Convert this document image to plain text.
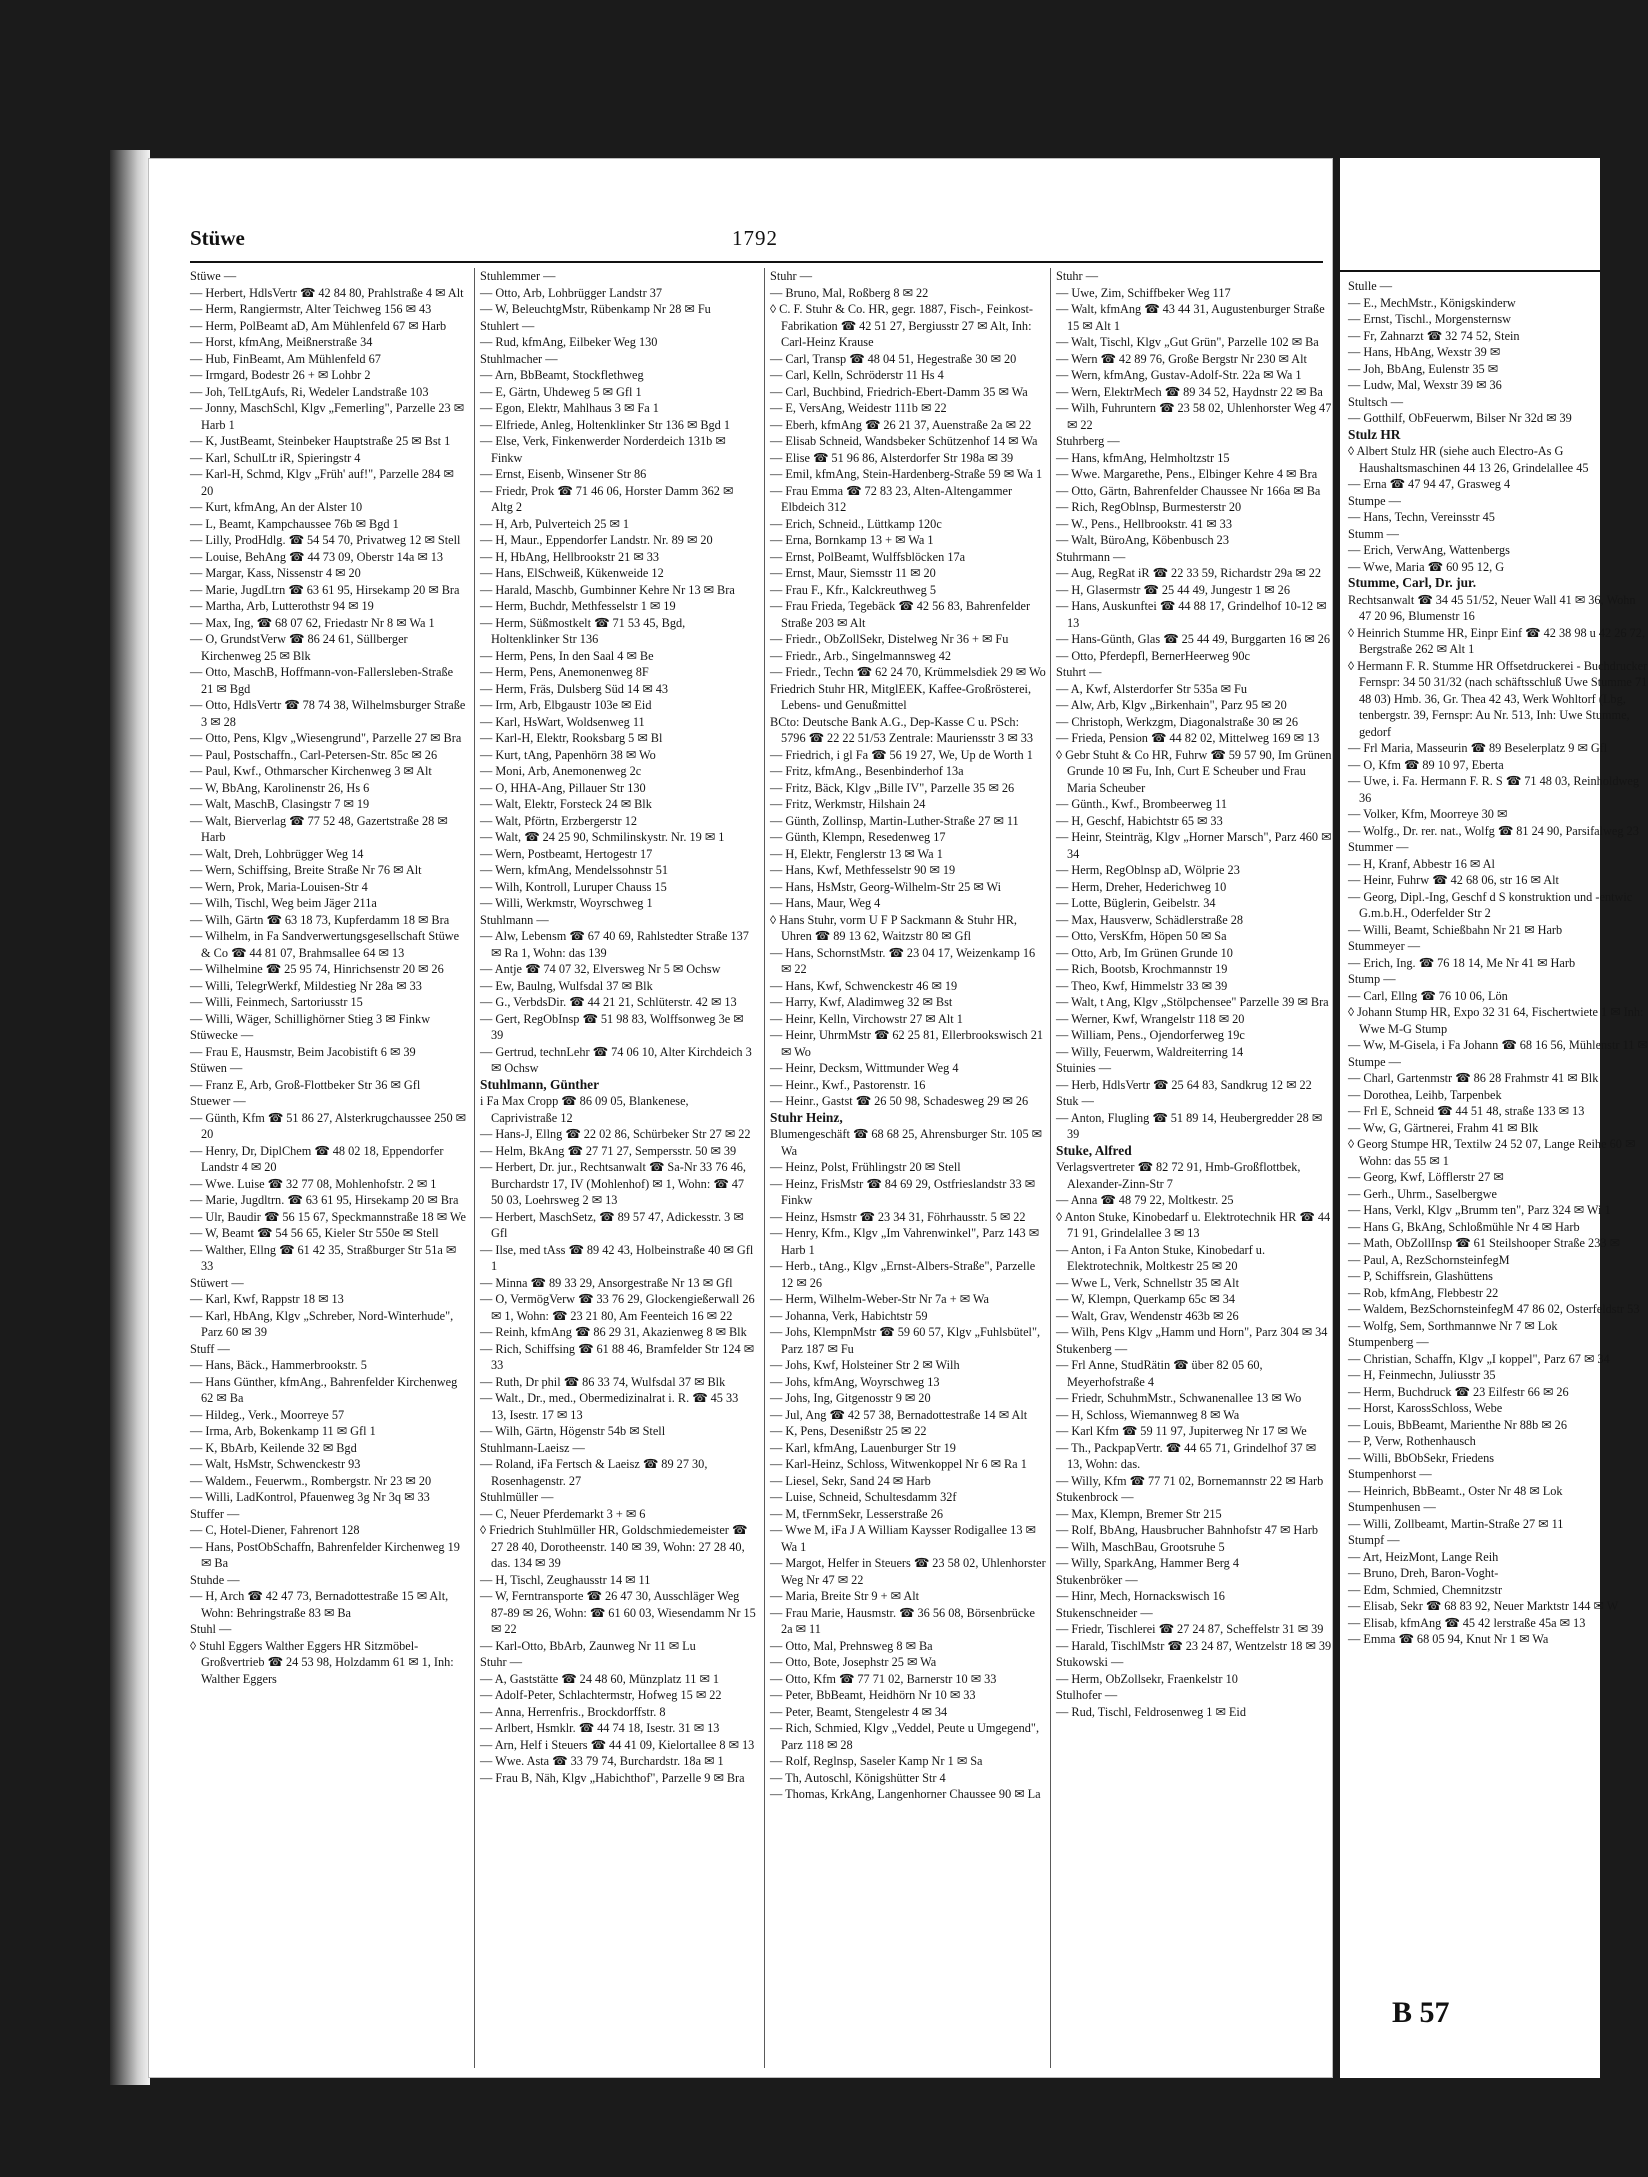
Stüwe	1792
Stüwe —
— Herbert, HdlsVertr ☎ 42 84 80, Prahlstraße 4 ✉ Alt
— Herm, Rangiermstr, Alter Teichweg 156 ✉ 43
— Herm, PolBeamt aD, Am Mühlenfeld 67 ✉ Harb
— Horst, kfmAng, Meißnerstraße 34
— Hub, FinBeamt, Am Mühlenfeld 67
— Irmgard, Bodestr 26 + ✉ Lohbr 2
— Joh, TelLtgAufs, Ri, Wedeler Landstraße 103
— Jonny, MaschSchl, Klgv „Femerling", Parzelle 23 ✉ Harb 1
— K, JustBeamt, Steinbeker Hauptstraße 25 ✉ Bst 1
— Karl, SchulLtr iR, Spieringstr 4
— Karl-H, Schmd, Klgv „Früh' auf!", Parzelle 284 ✉ 20
— Kurt, kfmAng, An der Alster 10
— L, Beamt, Kampchaussee 76b ✉ Bgd 1
— Lilly, ProdHdlg. ☎ 54 54 70, Privatweg 12 ✉ Stell
— Louise, BehAng ☎ 44 73 09, Oberstr 14a ✉ 13
— Margar, Kass, Nissenstr 4 ✉ 20
— Marie, JugdLtrn ☎ 63 61 95, Hirsekamp 20 ✉ Bra
— Martha, Arb, Lutterothstr 94 ✉ 19
— Max, Ing, ☎ 68 07 62, Friedastr Nr 8 ✉ Wa 1
— O, GrundstVerw ☎ 86 24 61, Süllberger Kirchenweg 25 ✉ Blk
— Otto, MaschB, Hoffmann-von-Fallersleben-Straße 21 ✉ Bgd
— Otto, HdlsVertr ☎ 78 74 38, Wilhelmsburger Straße 3 ✉ 28
— Otto, Pens, Klgv „Wiesengrund", Parzelle 27 ✉ Bra
— Paul, Postschaffn., Carl-Petersen-Str. 85c ✉ 26
— Paul, Kwf., Othmarscher Kirchenweg 3 ✉ Alt
— W, BbAng, Karolinenstr 26, Hs 6
— Walt, MaschB, Clasingstr 7 ✉ 19
— Walt, Bierverlag ☎ 77 52 48, Gazertstraße 28 ✉ Harb
— Walt, Dreh, Lohbrügger Weg 14
— Wern, Schiffsing, Breite Straße Nr 76 ✉ Alt
— Wern, Prok, Maria-Louisen-Str 4
— Wilh, Tischl, Weg beim Jäger 211a
— Wilh, Gärtn ☎ 63 18 73, Kupferdamm 18 ✉ Bra
— Wilhelm, in Fa Sandverwertungsgesellschaft Stüwe & Co ☎ 44 81 07, Brahmsallee 64 ✉ 13
— Wilhelmine ☎ 25 95 74, Hinrichsenstr 20 ✉ 26
— Willi, TelegrWerkf, Mildestieg Nr 28a ✉ 33
— Willi, Feinmech, Sartoriusstr 15
— Willi, Wäger, Schillighörner Stieg 3 ✉ Finkw
Stüwecke —
— Frau E, Hausmstr, Beim Jacobistift 6 ✉ 39
Stüwen —
— Franz E, Arb, Groß-Flottbeker Str 36 ✉ Gfl
Stuewer —
— Günth, Kfm ☎ 51 86 27, Alsterkrugchaussee 250 ✉ 20
— Henry, Dr, DiplChem ☎ 48 02 18, Eppendorfer Landstr 4 ✉ 20
— Wwe. Luise ☎ 32 77 08, Mohlenhofstr. 2 ✉ 1
— Marie, Jugdltrn. ☎ 63 61 95, Hirsekamp 20 ✉ Bra
— Ulr, Baudir ☎ 56 15 67, Speckmannstraße 18 ✉ We
— W, Beamt ☎ 54 56 65, Kieler Str 550e ✉ Stell
— Walther, Ellng ☎ 61 42 35, Straßburger Str 51a ✉ 33
Stüwert —
— Karl, Kwf, Rappstr 18 ✉ 13
— Karl, HbAng, Klgv „Schreber, Nord-Winterhude", Parz 60 ✉ 39
Stuff —
— Hans, Bäck., Hammerbrookstr. 5
— Hans Günther, kfmAng., Bahrenfelder Kirchenweg 62 ✉ Ba
— Hildeg., Verk., Moorreye 57
— Irma, Arb, Bokenkamp 11 ✉ Gfl 1
— K, BbArb, Keilende 32 ✉ Bgd
— Walt, HsMstr, Schwenckestr 93
— Waldem., Feuerwm., Rombergstr. Nr 23 ✉ 20
— Willi, LadKontrol, Pfauenweg 3g Nr 3q ✉ 33
Stuffer —
— C, Hotel-Diener, Fahrenort 128
— Hans, PostObSchaffn, Bahrenfelder Kirchenweg 19 ✉ Ba
Stuhde —
— H, Arch ☎ 42 47 73, Bernadottestraße 15 ✉ Alt, Wohn: Behringstraße 83 ✉ Ba
Stuhl —
◊ Stuhl Eggers Walther Eggers HR Sitzmöbel-Großvertrieb ☎ 24 53 98, Holzdamm 61 ✉ 1, Inh: Walther Eggers
Stuhlemmer —
— Otto, Arb, Lohbrügger Landstr 37
— W, BeleuchtgMstr, Rübenkamp Nr 28 ✉ Fu
Stuhlert —
— Rud, kfmAng, Eilbeker Weg 130
Stuhlmacher —
— Arn, BbBeamt, Stockflethweg
— E, Gärtn, Uhdeweg 5 ✉ Gfl 1
— Egon, Elektr, Mahlhaus 3 ✉ Fa 1
— Elfriede, Anleg, Holtenklinker Str 136 ✉ Bgd 1
— Else, Verk, Finkenwerder Norderdeich 131b ✉ Finkw
— Ernst, Eisenb, Winsener Str 86
— Friedr, Prok ☎ 71 46 06, Horster Damm 362 ✉ Altg 2
— H, Arb, Pulverteich 25 ✉ 1
— H, Maur., Eppendorfer Landstr. Nr. 89 ✉ 20
— H, HbAng, Hellbrookstr 21 ✉ 33
— Hans, ElSchweiß, Kükenweide 12
— Harald, Maschb, Gumbinner Kehre Nr 13 ✉ Bra
— Herm, Buchdr, Methfesselstr 1 ✉ 19
— Herm, Süßmostkelt ☎ 71 53 45, Bgd, Holtenklinker Str 136
— Herm, Pens, In den Saal 4 ✉ Be
— Herm, Pens, Anemonenweg 8F
— Herm, Fräs, Dulsberg Süd 14 ✉ 43
— Irm, Arb, Elbgaustr 103e ✉ Eid
— Karl, HsWart, Woldsenweg 11
— Karl-H, Elektr, Rooksbarg 5 ✉ Bl
— Kurt, tAng, Papenhörn 38 ✉ Wo
— Moni, Arb, Anemonenweg 2c
— O, HHA-Ang, Pillauer Str 130
— Walt, Elektr, Forsteck 24 ✉ Blk
— Walt, Pförtn, Erzbergerstr 12
— Walt, ☎ 24 25 90, Schmilinskystr. Nr. 19 ✉ 1
— Wern, Postbeamt, Hertogestr 17
— Wern, kfmAng, Mendelssohnstr 51
— Wilh, Kontroll, Luruper Chauss 15
— Willi, Werkmstr, Woyrschweg 1
Stuhlmann —
— Alw, Lebensm ☎ 67 40 69, Rahlstedter Straße 137 ✉ Ra 1, Wohn: das 139
— Antje ☎ 74 07 32, Elversweg Nr 5 ✉ Ochsw
— Ew, Baulng, Wulfsdal 37 ✉ Blk
— G., VerbdsDir. ☎ 44 21 21, Schlüterstr. 42 ✉ 13
— Gert, RegObInsp ☎ 51 98 83, Wolffsonweg 3e ✉ 39
— Gertrud, technLehr ☎ 74 06 10, Alter Kirchdeich 3 ✉ Ochsw
Stuhlmann, Günther
i Fa Max Cropp ☎ 86 09 05, Blankenese, Caprivistraße 12
— Hans-J, Ellng ☎ 22 02 86, Schürbeker Str 27 ✉ 22
— Helm, BkAng ☎ 27 71 27, Sempersstr. 50 ✉ 39
— Herbert, Dr. jur., Rechtsanwalt ☎ Sa-Nr 33 76 46, Burchardstr 17, IV (Mohlenhof) ✉ 1, Wohn: ☎ 47 50 03, Loehrsweg 2 ✉ 13
— Herbert, MaschSetz, ☎ 89 57 47, Adickesstr. 3 ✉ Gfl
— Ilse, med tAss ☎ 89 42 43, Holbeinstraße 40 ✉ Gfl 1
— Minna ☎ 89 33 29, Ansorgestraße Nr 13 ✉ Gfl
— O, VermögVerw ☎ 33 76 29, Glockengießerwall 26 ✉ 1, Wohn: ☎ 23 21 80, Am Feenteich 16 ✉ 22
— Reinh, kfmAng ☎ 86 29 31, Akazienweg 8 ✉ Blk
— Rich, Schiffsing ☎ 61 88 46, Bramfelder Str 124 ✉ 33
— Ruth, Dr phil ☎ 86 33 74, Wulfsdal 37 ✉ Blk
— Walt., Dr., med., Obermedizinalrat i. R. ☎ 45 33 13, Isestr. 17 ✉ 13
— Wilh, Gärtn, Högenstr 54b ✉ Stell
Stuhlmann-Laeisz —
— Roland, iFa Fertsch & Laeisz ☎ 89 27 30, Rosenhagenstr. 27
Stuhlmüller —
— C, Neuer Pferdemarkt 3 + ✉ 6
◊ Friedrich Stuhlmüller HR, Goldschmiedemeister ☎ 27 28 40, Dorotheenstr. 140 ✉ 39, Wohn: 27 28 40, das. 134 ✉ 39
— H, Tischl, Zeughausstr 14 ✉ 11
— W, Ferntransporte ☎ 26 47 30, Ausschläger Weg 87-89 ✉ 26, Wohn: ☎ 61 60 03, Wiesendamm Nr 15 ✉ 22
— Karl-Otto, BbArb, Zaunweg Nr 11 ✉ Lu
Stuhr —
— A, Gaststätte ☎ 24 48 60, Münzplatz 11 ✉ 1
— Adolf-Peter, Schlachtermstr, Hofweg 15 ✉ 22
— Anna, Herrenfris., Brockdorffstr. 8
— Arlbert, Hsmklr. ☎ 44 74 18, Isestr. 31 ✉ 13
— Arn, Helf i Steuers ☎ 44 41 09, Kielortallee 8 ✉ 13
— Wwe. Asta ☎ 33 79 74, Burchardstr. 18a ✉ 1
— Frau B, Näh, Klgv „Habichthof", Parzelle 9 ✉ Bra
Stuhr —
— Bruno, Mal, Roßberg 8 ✉ 22
◊ C. F. Stuhr & Co. HR, gegr. 1887, Fisch-, Feinkost-Fabrikation ☎ 42 51 27, Bergiusstr 27 ✉ Alt, Inh: Carl-Heinz Krause
— Carl, Transp ☎ 48 04 51, Hegestraße 30 ✉ 20
— Carl, Kelln, Schröderstr 11 Hs 4
— Carl, Buchbind, Friedrich-Ebert-Damm 35 ✉ Wa
— E, VersAng, Weidestr 111b ✉ 22
— Eberh, kfmAng ☎ 26 21 37, Auenstraße 2a ✉ 22
— Elisab Schneid, Wandsbeker Schützenhof 14 ✉ Wa
— Elise ☎ 51 96 86, Alsterdorfer Str 198a ✉ 39
— Emil, kfmAng, Stein-Hardenberg-Straße 59 ✉ Wa 1
— Frau Emma ☎ 72 83 23, Alten-Altengammer Elbdeich 312
— Erich, Schneid., Lüttkamp 120c
— Erna, Bornkamp 13 + ✉ Wa 1
— Ernst, PolBeamt, Wulffsblöcken 17a
— Ernst, Maur, Siemsstr 11 ✉ 20
— Frau F., Kfr., Kalckreuthweg 5
— Frau Frieda, Tegebäck ☎ 42 56 83, Bahrenfelder Straße 203 ✉ Alt
— Friedr., ObZollSekr, Distelweg Nr 36 + ✉ Fu
— Friedr., Arb., Singelmannsweg 42
— Friedr., Techn ☎ 62 24 70, Krümmelsdiek 29 ✉ Wo
Friedrich Stuhr HR, MitglEEK, Kaffee-Großrösterei, Lebens- und Genußmittel
BCto: Deutsche Bank A.G., Dep-Kasse C u. PSch: 5796 ☎ 22 22 51/53 Zentrale: Mauriensstr 3 ✉ 33
— Friedrich, i gl Fa ☎ 56 19 27, We, Up de Worth 1
— Fritz, kfmAng., Besenbinderhof 13a
— Fritz, Bäck, Klgv „Bille IV", Parzelle 35 ✉ 26
— Fritz, Werkmstr, Hilshain 24
— Günth, Zollinsp, Martin-Luther-Straße 27 ✉ 11
— Günth, Klempn, Resedenweg 17
— H, Elektr, Fenglerstr 13 ✉ Wa 1
— Hans, Kwf, Methfesselstr 90 ✉ 19
— Hans, HsMstr, Georg-Wilhelm-Str 25 ✉ Wi
— Hans, Maur, Weg 4
◊ Hans Stuhr, vorm U F P Sackmann & Stuhr HR, Uhren ☎ 89 13 62, Waitzstr 80 ✉ Gfl
— Hans, SchornstMstr. ☎ 23 04 17, Weizenkamp 16 ✉ 22
— Hans, Kwf, Schwenckestr 46 ✉ 19
— Harry, Kwf, Aladimweg 32 ✉ Bst
— Heinr, Kelln, Virchowstr 27 ✉ Alt 1
— Heinr, UhrmMstr ☎ 62 25 81, Ellerbrookswisch 21 ✉ Wo
— Heinr, Decksm, Wittmunder Weg 4
— Heinr., Kwf., Pastorenstr. 16
— Heinr., Gastst ☎ 26 50 98, Schadesweg 29 ✉ 26
Stuhr Heinz,
Blumengeschäft ☎ 68 68 25, Ahrensburger Str. 105 ✉ Wa
— Heinz, Polst, Frühlingstr 20 ✉ Stell
— Heinz, FrisMstr ☎ 84 69 29, Ostfrieslandstr 33 ✉ Finkw
— Heinz, Hsmstr ☎ 23 34 31, Föhrhausstr. 5 ✉ 22
— Henry, Kfm., Klgv „Im Vahrenwinkel", Parz 143 ✉ Harb 1
— Herb., tAng., Klgv „Ernst-Albers-Straße", Parzelle 12 ✉ 26
— Herm, Wilhelm-Weber-Str Nr 7a + ✉ Wa
— Johanna, Verk, Habichtstr 59
— Johs, KlempnMstr ☎ 59 60 57, Klgv „Fuhlsbütel", Parz 187 ✉ Fu
— Johs, Kwf, Holsteiner Str 2 ✉ Wilh
— Johs, kfmAng, Woyrschweg 13
— Johs, Ing, Gitgenosstr 9 ✉ 20
— Jul, Ang ☎ 42 57 38, Bernadottestraße 14 ✉ Alt
— K, Pens, Desenißstr 25 ✉ 22
— Karl, kfmAng, Lauenburger Str 19
— Karl-Heinz, Schloss, Witwenkoppel Nr 6 ✉ Ra 1
— Liesel, Sekr, Sand 24 ✉ Harb
— Luise, Schneid, Schultesdamm 32f
— M, tFernmSekr, Lesserstraße 26
— Wwe M, iFa J A William Kaysser Rodigallee 13 ✉ Wa 1
— Margot, Helfer in Steuers ☎ 23 58 02, Uhlenhorster Weg Nr 47 ✉ 22
— Maria, Breite Str 9 + ✉ Alt
— Frau Marie, Hausmstr. ☎ 36 56 08, Börsenbrücke 2a ✉ 11
— Otto, Mal, Prehnsweg 8 ✉ Ba
— Otto, Bote, Josephstr 25 ✉ Wa
— Otto, Kfm ☎ 77 71 02, Barnerstr 10 ✉ 33
— Peter, BbBeamt, Heidhörn Nr 10 ✉ 33
— Peter, Beamt, Stengelestr 4 ✉ 34
— Rich, Schmied, Klgv „Veddel, Peute u Umgegend", Parz 118 ✉ 28
— Rolf, Reglnsp, Saseler Kamp Nr 1 ✉ Sa
— Th, Autoschl, Königshütter Str 4
— Thomas, KrkAng, Langenhorner Chaussee 90 ✉ La
Stuhr —
— Uwe, Zim, Schiffbeker Weg 117
— Walt, kfmAng ☎ 43 44 31, Augustenburger Straße 15 ✉ Alt 1
— Walt, Tischl, Klgv „Gut Grün", Parzelle 102 ✉ Ba
— Wern ☎ 42 89 76, Große Bergstr Nr 230 ✉ Alt
— Wern, kfmAng, Gustav-Adolf-Str. 22a ✉ Wa 1
— Wern, ElektrMech ☎ 89 34 52, Haydnstr 22 ✉ Ba
— Wilh, Fuhruntern ☎ 23 58 02, Uhlenhorster Weg 47 ✉ 22
Stuhrberg —
— Hans, kfmAng, Helmholtzstr 15
— Wwe. Margarethe, Pens., Elbinger Kehre 4 ✉ Bra
— Otto, Gärtn, Bahrenfelder Chaussee Nr 166a ✉ Ba
— Rich, RegOblnsp, Burmesterstr 20
— W., Pens., Hellbrookstr. 41 ✉ 33
— Walt, BüroAng, Köbenbusch 23
Stuhrmann —
— Aug, RegRat iR ☎ 22 33 59, Richardstr 29a ✉ 22
— H, Glasermstr ☎ 25 44 49, Jungestr 1 ✉ 26
— Hans, Auskunftei ☎ 44 88 17, Grindelhof 10-12 ✉ 13
— Hans-Günth, Glas ☎ 25 44 49, Burggarten 16 ✉ 26
— Otto, Pferdepfl, BernerHeerweg 90c
Stuhrt —
— A, Kwf, Alsterdorfer Str 535a ✉ Fu
— Alw, Arb, Klgv „Birkenhain", Parz 95 ✉ 20
— Christoph, Werkzgm, Diagonalstraße 30 ✉ 26
— Frieda, Pension ☎ 44 82 02, Mittelweg 169 ✉ 13
◊ Gebr Stuht & Co HR, Fuhrw ☎ 59 57 90, Im Grünen Grunde 10 ✉ Fu, Inh, Curt E Scheuber und Frau Maria Scheuber
— Günth., Kwf., Brombeerweg 11
— H, Geschf, Habichtstr 65 ✉ 33
— Heinr, Steinträg, Klgv „Horner Marsch", Parz 460 ✉ 34
— Herm, RegOblnsp aD, Wölprie 23
— Herm, Dreher, Hederichweg 10
— Lotte, Büglerin, Geibelstr. 34
— Max, Hausverw, Schädlerstraße 28
— Otto, VersKfm, Höpen 50 ✉ Sa
— Otto, Arb, Im Grünen Grunde 10
— Rich, Bootsb, Krochmannstr 19
— Theo, Kwf, Himmelstr 33 ✉ 39
— Walt, t Ang, Klgv „Stölpchensee" Parzelle 39 ✉ Bra
— Werner, Kwf, Wrangelstr 118 ✉ 20
— William, Pens., Ojendorferweg 19c
— Willy, Feuerwm, Waldreiterring 14
Stuinies —
— Herb, HdlsVertr ☎ 25 64 83, Sandkrug 12 ✉ 22
Stuk —
— Anton, Flugling ☎ 51 89 14, Heubergredder 28 ✉ 39
Stuke, Alfred
Verlagsvertreter ☎ 82 72 91, Hmb-Großflottbek, Alexander-Zinn-Str 7
— Anna ☎ 48 79 22, Moltkestr. 25
◊ Anton Stuke, Kinobedarf u. Elektrotechnik HR ☎ 44 71 91, Grindelallee 3 ✉ 13
— Anton, i Fa Anton Stuke, Kinobedarf u. Elektrotechnik, Moltkestr 25 ✉ 20
— Wwe L, Verk, Schnellstr 35 ✉ Alt
— W, Klempn, Querkamp 65c ✉ 34
— Walt, Grav, Wendenstr 463b ✉ 26
— Wilh, Pens Klgv „Hamm und Horn", Parz 304 ✉ 34
Stukenberg —
— Frl Anne, StudRätin ☎ über 82 05 60, Meyerhofstraße 4
— Friedr, SchuhmMstr., Schwanenallee 13 ✉ Wo
— H, Schloss, Wiemannweg 8 ✉ Wa
— Karl Kfm ☎ 59 11 97, Jupiterweg Nr 17 ✉ We
— Th., PackpapVertr. ☎ 44 65 71, Grindelhof 37 ✉ 13, Wohn: das.
— Willy, Kfm ☎ 77 71 02, Bornemannstr 22 ✉ Harb
Stukenbrock —
— Max, Klempn, Bremer Str 215
— Rolf, BbAng, Hausbrucher Bahnhofstr 47 ✉ Harb
— Wilh, MaschBau, Grootsruhe 5
— Willy, SparkAng, Hammer Berg 4
Stukenbröker —
— Hinr, Mech, Hornackswisch 16
Stukenschneider —
— Friedr, Tischlerei ☎ 27 24 87, Scheffelstr 31 ✉ 39
— Harald, TischlMstr ☎ 23 24 87, Wentzelstr 18 ✉ 39
Stukowski —
— Herm, ObZollsekr, Fraenkelstr 10
Stulhofer —
— Rud, Tischl, Feldrosenweg 1 ✉ Eid
Stulle —
— E., MechMstr., Königskinderw
— Ernst, Tischl., Morgensternsw
— Fr, Zahnarzt ☎ 32 74 52, Stein
— Hans, HbAng, Wexstr 39 ✉
— Joh, BbAng, Eulenstr 35 ✉
— Ludw, Mal, Wexstr 39 ✉ 36
Stultsch —
— Gotthilf, ObFeuerwm, Bilser Nr 32d ✉ 39
Stulz HR
◊ Albert Stulz HR (siehe auch Electro-As G Haushaltsmaschinen 44 13 26, Grindelallee 45
— Erna ☎ 47 94 47, Grasweg 4
Stumpe —
— Hans, Techn, Vereinsstr 45
Stumm —
— Erich, VerwAng, Wattenbergs
— Wwe, Maria ☎ 60 95 12, G
Stumme, Carl, Dr. jur.
Rechtsanwalt ☎ 34 45 51/52, Neuer Wall 41 ✉ 36, Wohn 47 20 96, Blumenstr 16
◊ Heinrich Stumme HR, Einpr Einf ☎ 42 38 98 u 42 26 72, Bergstraße 262 ✉ Alt 1
◊ Hermann F. R. Stumme HR Offsetdruckerei - Buchdrucker Fernspr: 34 50 31/32 (nach schäftsschluß Uwe Stumme 71 48 03) Hmb. 36, Gr. Thea 42 43, Werk Wohltorf (Lbg, tenbergstr. 39, Fernspr: Au Nr. 513, Inh: Uwe Stumme, gedorf
— Frl Maria, Masseurin ☎ 89 Beselerplatz 9 ✉ Gfl
— O, Kfm ☎ 89 10 97, Eberta
— Uwe, i. Fa. Hermann F. R. S ☎ 71 48 03, Reinholdweg 36
— Volker, Kfm, Moorreye 30 ✉
— Wolfg., Dr. rer. nat., Wolfg ☎ 81 24 90, Parsifalweg 23
Stummer —
— H, Kranf, Abbestr 16 ✉ Al
— Heinr, Fuhrw ☎ 42 68 06, str 16 ✉ Alt
— Georg, Dipl.-Ing, Geschf d S konstruktion und -entwic G.m.b.H., Oderfelder Str 2
— Willi, Beamt, Schießbahn Nr 21 ✉ Harb
Stummeyer —
— Erich, Ing. ☎ 76 18 14, Me Nr 41 ✉ Harb
Stump —
— Carl, Ellng ☎ 76 10 06, Lön
◊ Johann Stump HR, Expo 32 31 64, Fischertwiete 1 ✉ Inh: Wwe M-G Stump
— Ww, M-Gisela, i Fa Johann ☎ 68 16 56, Mühlenstr 11 ✉
Stumpe —
— Charl, Gartenmstr ☎ 86 28 Frahmstr 41 ✉ Blk
— Dorothea, Leihb, Tarpenbek
— Frl E, Schneid ☎ 44 51 48, straße 133 ✉ 13
— Ww, G, Gärtnerei, Frahm 41 ✉ Blk
◊ Georg Stumpe HR, Textilw 24 52 07, Lange Reihe 60 ✉ Wohn: das 55 ✉ 1
— Georg, Kwf, Löfflerstr 27 ✉
— Gerh., Uhrm., Saselbergwe
— Hans, Verkl, Klgv „Brumm ten", Parz 324 ✉ Wi 1
— Hans G, BkAng, Schloßmühle Nr 4 ✉ Harb
— Math, ObZollInsp ☎ 61 Steilshooper Straße 233 ✉
— Paul, A, RezSchornsteinfegM
— P, Schiffsrein, Glashüttens
— Rob, kfmAng, Flebbestr 22
— Waldem, BezSchornsteinfegM 47 86 02, Osterfeldstr 53
— Wolfg, Sem, Sorthmannwe Nr 7 ✉ Lok
Stumpenberg —
— Christian, Schaffn, Klgv „I koppel", Parz 67 ✉ 34
— H, Feinmechn, Juliusstr 35
— Herm, Buchdruck ☎ 23 Eilfestr 66 ✉ 26
— Horst, KarossSchloss, Webe
— Louis, BbBeamt, Marienthe Nr 88b ✉ 26
— P, Verw, Rothenhausch
— Willi, BbObSekr, Friedens
Stumpenhorst —
— Heinrich, BbBeamt., Oster Nr 48 ✉ Lok
Stumpenhusen —
— Willi, Zollbeamt, Martin-Straße 27 ✉ 11
Stumpf —
— Art, HeizMont, Lange Reih
— Bruno, Dreh, Baron-Voght-
— Edm, Schmied, Chemnitzstr
— Elisab, Sekr ☎ 68 83 92, Neuer Marktstr 144 ✉ W
— Elisab, kfmAng ☎ 45 42 lerstraße 45a ✉ 13
— Emma ☎ 68 05 94, Knut Nr 1 ✉ Wa
B 57
